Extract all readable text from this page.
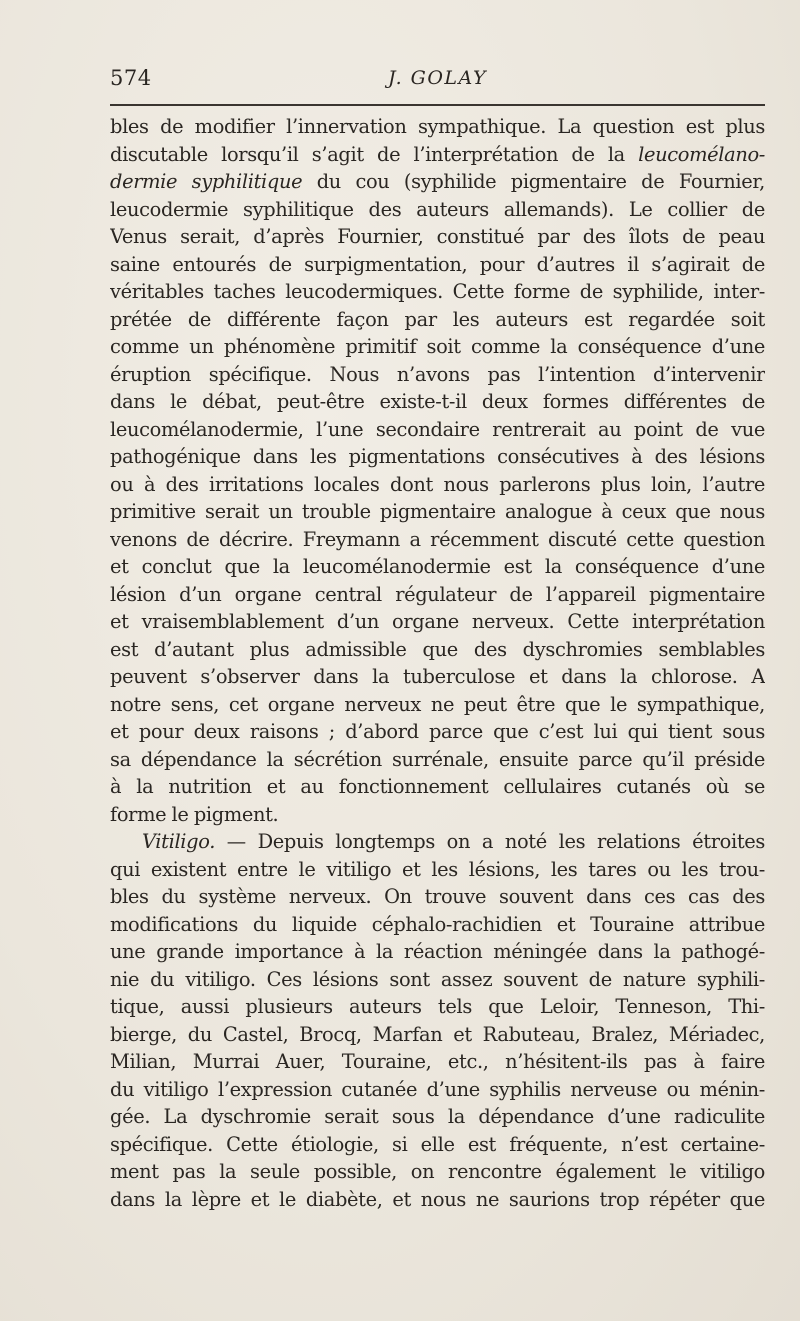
574	J. GOLAY
bles de modifier l’innervation sympathique. La question est plus
discutable lorsqu’il s’agit de l’interprétation de la leucomélano-
dermie syphilitique du cou (syphilide pigmentaire de Fournier,
leucodermie syphilitique des auteurs allemands). Le collier de
Venus serait, d’après Fournier, constitué par des îlots de peau
saine entourés de surpigmentation, pour d’autres il s’agirait de
véritables taches leucodermiques. Cette forme de syphilide, inter-
prétée de différente façon par les auteurs est regardée soit
comme un phénomène primitif soit comme la conséquence d’une
éruption spécifique. Nous n’avons pas l’intention d’intervenir
dans le débat, peut-être existe-t-il deux formes différentes de
leucomélanodermie, l’une secondaire rentrerait au point de vue
pathogénique dans les pigmentations consécutives à des lésions
ou à des irritations locales dont nous parlerons plus loin, l’autre
primitive serait un trouble pigmentaire analogue à ceux que nous
venons de décrire. Freymann a récemment discuté cette question
et conclut que la leucomélanodermie est la conséquence d’une
lésion d’un organe central régulateur de l’appareil pigmentaire
et vraisemblablement d’un organe nerveux. Cette interprétation
est d’autant plus admissible que des dyschromies semblables
peuvent s’observer dans la tuberculose et dans la chlorose. A
notre sens, cet organe nerveux ne peut être que le sympathique,
et pour deux raisons ; d’abord parce que c’est lui qui tient sous
sa dépendance la sécrétion surrénale, ensuite parce qu’il préside
à la nutrition et au fonctionnement cellulaires cutanés où se
forme le pigment.
Vitiligo. — Depuis longtemps on a noté les relations étroites
qui existent entre le vitiligo et les lésions, les tares ou les trou-
bles du système nerveux. On trouve souvent dans ces cas des
modifications du liquide céphalo-rachidien et Touraine attribue
une grande importance à la réaction méningée dans la pathogé-
nie du vitiligo. Ces lésions sont assez souvent de nature syphili-
tique, aussi plusieurs auteurs tels que Leloir, Tenneson, Thi-
bierge, du Castel, Brocq, Marfan et Rabuteau, Bralez, Mériadec,
Milian, Murrai Auer, Touraine, etc., n’hésitent-ils pas à faire
du vitiligo l’expression cutanée d’une syphilis nerveuse ou ménin-
gée. La dyschromie serait sous la dépendance d’une radiculite
spécifique. Cette étiologie, si elle est fréquente, n’est certaine-
ment pas la seule possible, on rencontre également le vitiligo
dans la lèpre et le diabète, et nous ne saurions trop répéter que
